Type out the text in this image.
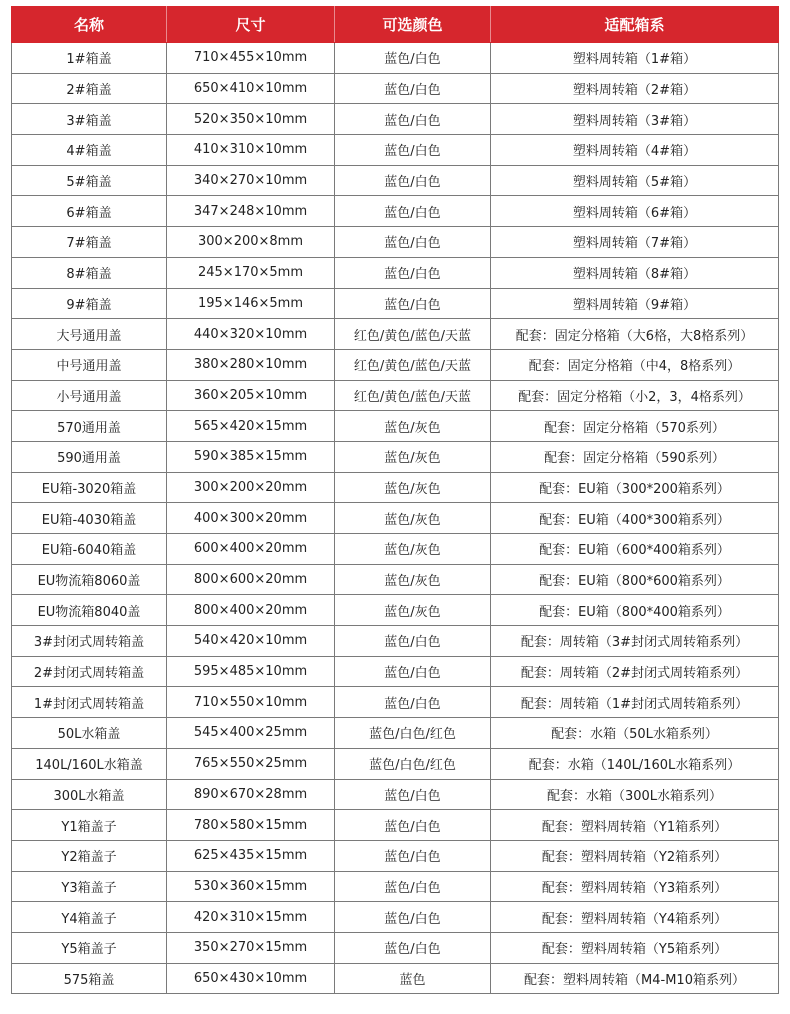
名称	尺寸	可选颜色	适配箱系
1#箱盖	710×455×10mm	蓝色/白色	塑料周转箱（1#箱）
2#箱盖	650×410×10mm	蓝色/白色	塑料周转箱（2#箱）
3#箱盖	520×350×10mm	蓝色/白色	塑料周转箱（3#箱）
4#箱盖	410×310×10mm	蓝色/白色	塑料周转箱（4#箱）
5#箱盖	340×270×10mm	蓝色/白色	塑料周转箱（5#箱）
6#箱盖	347×248×10mm	蓝色/白色	塑料周转箱（6#箱）
7#箱盖	300×200×8mm	蓝色/白色	塑料周转箱（7#箱）
8#箱盖	245×170×5mm	蓝色/白色	塑料周转箱（8#箱）
9#箱盖	195×146×5mm	蓝色/白色	塑料周转箱（9#箱）
大号通用盖	440×320×10mm	红色/黄色/蓝色/天蓝	配套：固定分格箱（大6格，大8格系列）
中号通用盖	380×280×10mm	红色/黄色/蓝色/天蓝	配套：固定分格箱（中4，8格系列）
小号通用盖	360×205×10mm	红色/黄色/蓝色/天蓝	配套：固定分格箱（小2，3，4格系列）
570通用盖	565×420×15mm	蓝色/灰色	配套：固定分格箱（570系列）
590通用盖	590×385×15mm	蓝色/灰色	配套：固定分格箱（590系列）
EU箱-3020箱盖	300×200×20mm	蓝色/灰色	配套：EU箱（300*200箱系列）
EU箱-4030箱盖	400×300×20mm	蓝色/灰色	配套：EU箱（400*300箱系列）
EU箱-6040箱盖	600×400×20mm	蓝色/灰色	配套：EU箱（600*400箱系列）
EU物流箱8060盖	800×600×20mm	蓝色/灰色	配套：EU箱（800*600箱系列）
EU物流箱8040盖	800×400×20mm	蓝色/灰色	配套：EU箱（800*400箱系列）
3#封闭式周转箱盖	540×420×10mm	蓝色/白色	配套：周转箱（3#封闭式周转箱系列）
2#封闭式周转箱盖	595×485×10mm	蓝色/白色	配套：周转箱（2#封闭式周转箱系列）
1#封闭式周转箱盖	710×550×10mm	蓝色/白色	配套：周转箱（1#封闭式周转箱系列）
50L水箱盖	545×400×25mm	蓝色/白色/红色	配套：水箱（50L水箱系列）
140L/160L水箱盖	765×550×25mm	蓝色/白色/红色	配套：水箱（140L/160L水箱系列）
300L水箱盖	890×670×28mm	蓝色/白色	配套：水箱（300L水箱系列）
Y1箱盖子	780×580×15mm	蓝色/白色	配套：塑料周转箱（Y1箱系列）
Y2箱盖子	625×435×15mm	蓝色/白色	配套：塑料周转箱（Y2箱系列）
Y3箱盖子	530×360×15mm	蓝色/白色	配套：塑料周转箱（Y3箱系列）
Y4箱盖子	420×310×15mm	蓝色/白色	配套：塑料周转箱（Y4箱系列）
Y5箱盖子	350×270×15mm	蓝色/白色	配套：塑料周转箱（Y5箱系列）
575箱盖	650×430×10mm	蓝色	配套：塑料周转箱（M4-M10箱系列）
